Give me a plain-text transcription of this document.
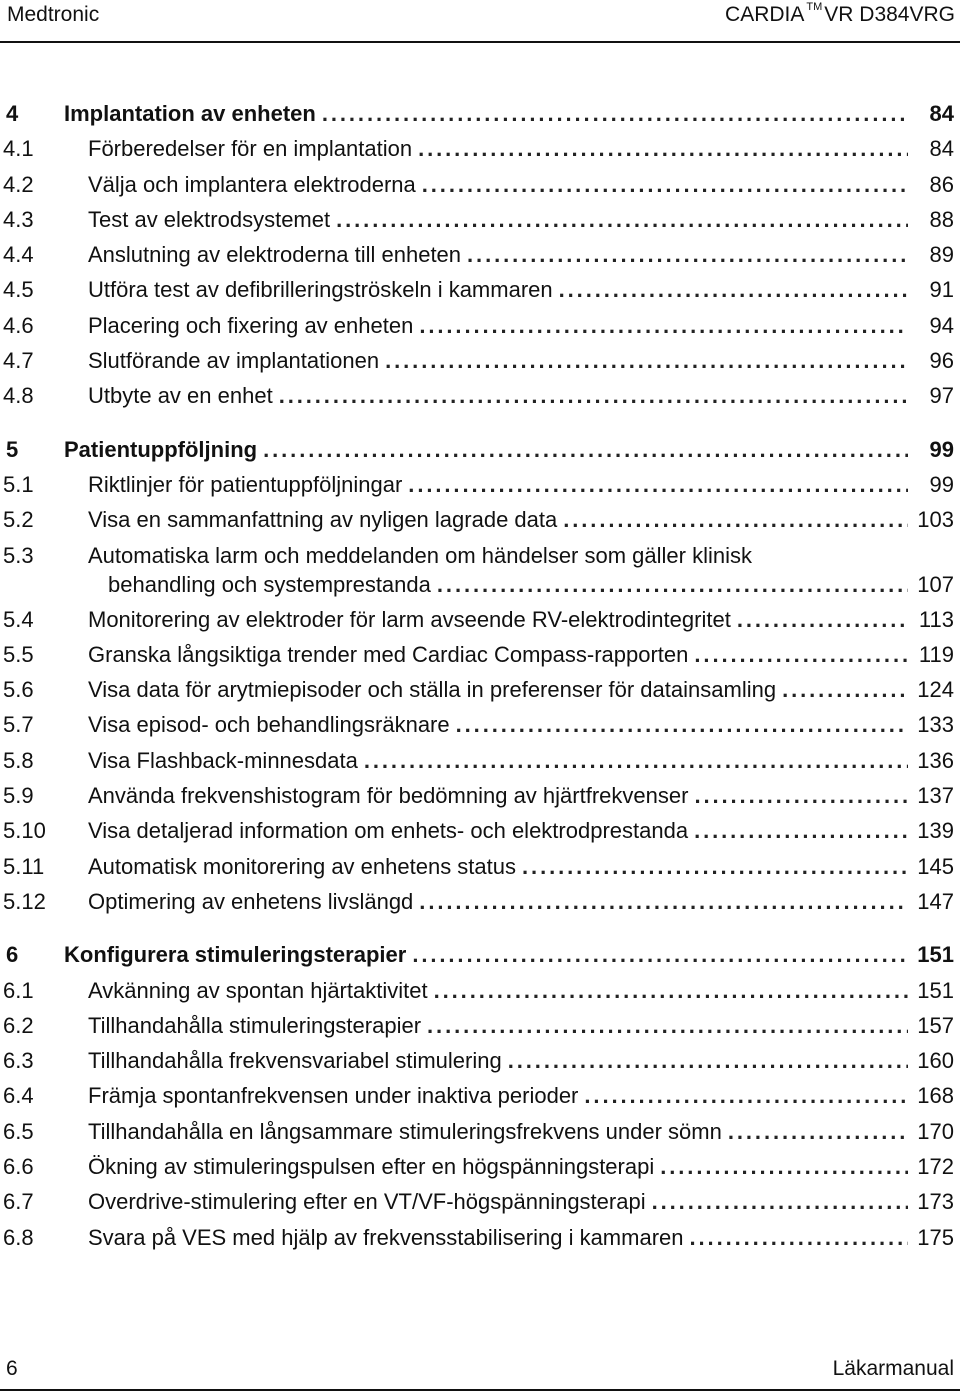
Medtronic	CARDIA ™VR D384VRG
4 Implantation av enheten . . .	84
4.1 Förberedelser för en implantation . . .	84
4.2 Välja och implantera elektroderna . . .	86
4.3 Test av elektrodsystemet . . .	88
4.4 Anslutning av elektroderna till enheten . . .	89
4.5 Utföra test av defibrilleringströskeln i kammaren . . .	91
4.6 Placering och fixering av enheten . . .	94
4.7 Slutförande av implantationen . . .	96
4.8 Utbyte av en enhet . . .	97
5 Patientuppföljning . . .	99
5.1 Riktlinjer för patientuppföljningar . . .	99
5.2 Visa en sammanfattning av nyligen lagrade data . . .	103
5.3 Automatiska larm och meddelanden om händelser som gäller klinisk
behandling och systemprestanda . . .	107
5.4 Monitorering av elektroder för larm avseende RV-elektrodintegritet . . .	113
5.5 Granska långsiktiga trender med Cardiac Compass-rapporten . . .	119
5.6 Visa data för arytmiepisoder och ställa in preferenser för datainsamling . . .	124
5.7 Visa episod- och behandlingsräknare . . .	133
5.8 Visa Flashback-minnesdata . . .	136
5.9 Använda frekvenshistogram för bedömning av hjärtfrekvenser . . .	137
5.10 Visa detaljerad information om enhets- och elektrodprestanda . . .	139
5.11 Automatisk monitorering av enhetens status . . .	145
5.12 Optimering av enhetens livslängd . . .	147
6 Konfigurera stimuleringsterapier . . .	151
6.1 Avkänning av spontan hjärtaktivitet . . .	151
6.2 Tillhandahålla stimuleringsterapier . . .	157
6.3 Tillhandahålla frekvensvariabel stimulering . . .	160
6.4 Främja spontanfrekvensen under inaktiva perioder . . .	168
6.5 Tillhandahålla en långsammare stimuleringsfrekvens under sömn . . .	170
6.6 Ökning av stimuleringspulsen efter en högspänningsterapi . . .	172
6.7 Overdrive-stimulering efter en VT/VF-högspänningsterapi . . .	173
6.8 Svara på VES med hjälp av frekvensstabilisering i kammaren . . .	175
6	Läkarmanual
